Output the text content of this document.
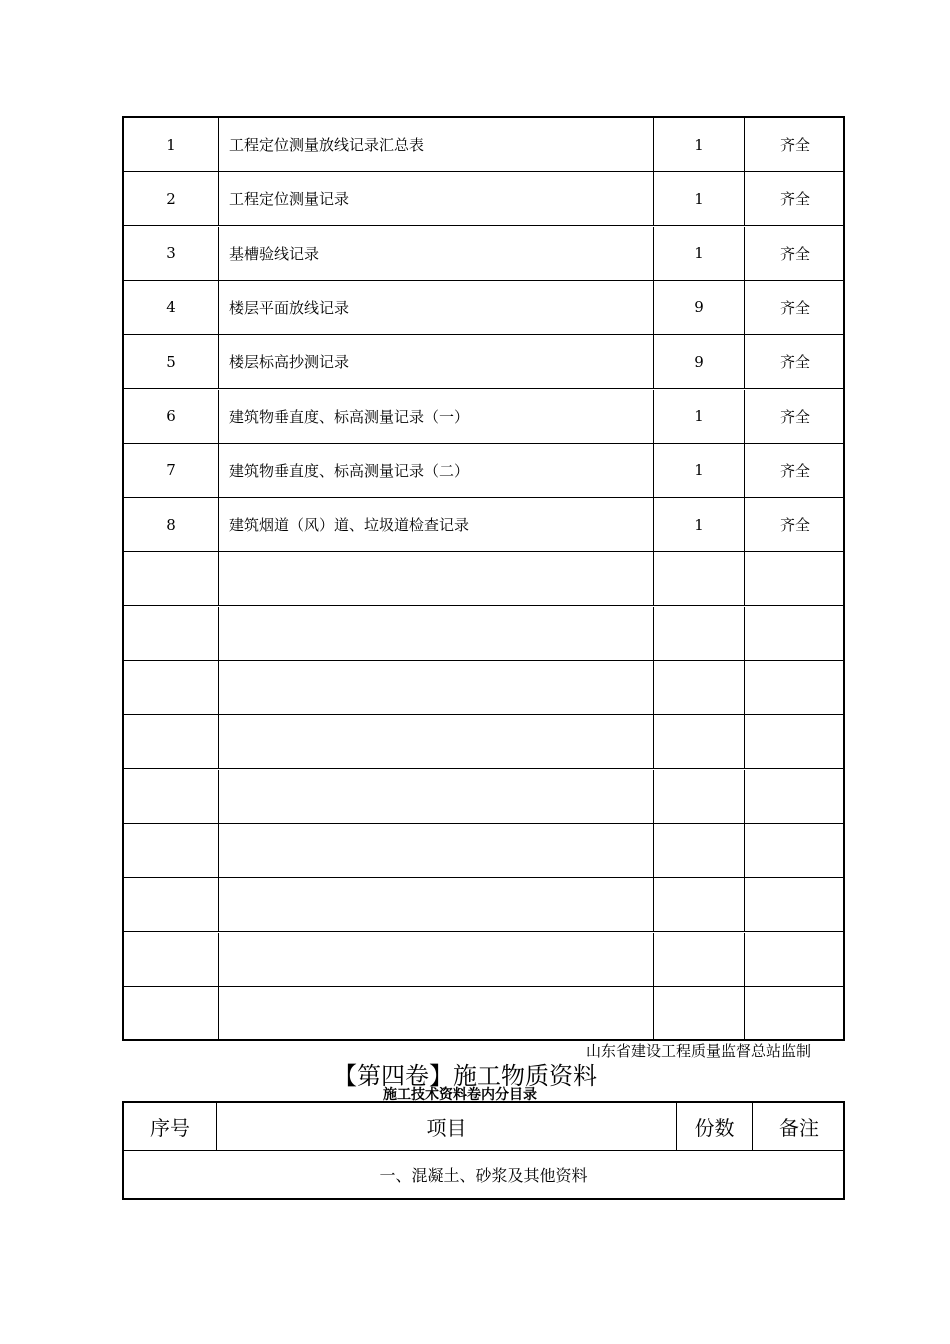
1	工程定位测量放线记录汇总表	1	齐全
2	工程定位测量记录	1	齐全
3	基槽验线记录	1	齐全
4	楼层平面放线记录	9	齐全
5	楼层标高抄测记录	9	齐全
6	建筑物垂直度、标高测量记录（一）	1	齐全
7	建筑物垂直度、标高测量记录（二）	1	齐全
8	建筑烟道（风）道、垃圾道检查记录	1	齐全
山东省建设工程质量监督总站监制
【第四卷】施工物质资料
施工技术资料卷内分目录
序号	项目	份数	备注
一、混凝土、砂浆及其他资料
